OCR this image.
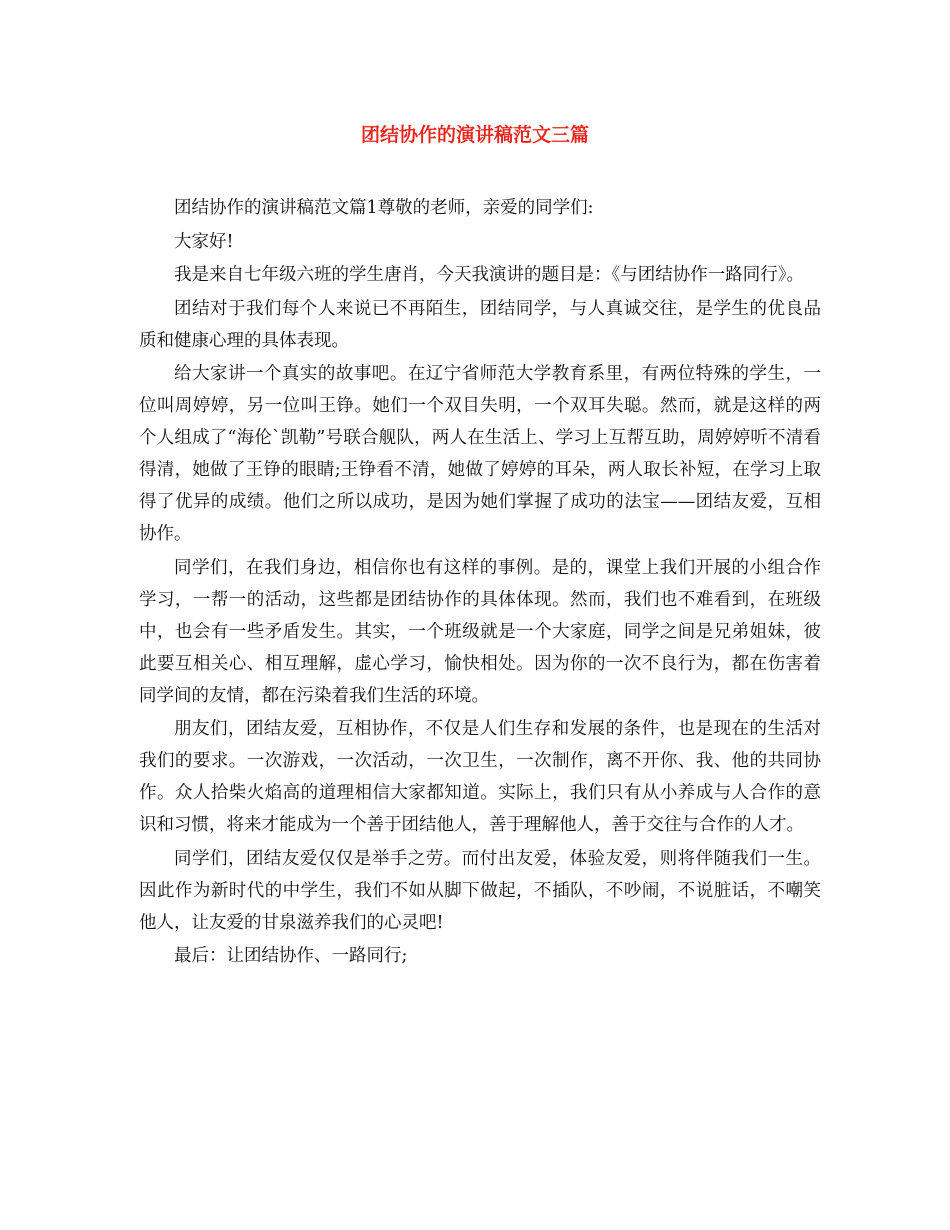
团结协作的演讲稿范文三篇

团结协作的演讲稿范文篇1尊敬的老师，亲爱的同学们:

大家好!

我是来自七年级六班的学生唐肖，今天我演讲的题目是：《与团结协作一路同行》。

团结对于我们每个人来说已不再陌生，团结同学，与人真诚交往，是学生的优良品质和健康心理的具体表现。

给大家讲一个真实的故事吧。在辽宁省师范大学教育系里，有两位特殊的学生，一位叫周婷婷，另一位叫王铮。她们一个双目失明，一个双耳失聪。然而，就是这样的两个人组成了“海伦`凯勒”号联合舰队，两人在生活上、学习上互帮互助，周婷婷听不清看得清，她做了王铮的眼睛;王铮看不清，她做了婷婷的耳朵，两人取长补短，在学习上取得了优异的成绩。他们之所以成功，是因为她们掌握了成功的法宝——团结友爱，互相协作。

同学们，在我们身边，相信你也有这样的事例。是的，课堂上我们开展的小组合作学习，一帮一的活动，这些都是团结协作的具体体现。然而，我们也不难看到，在班级中，也会有一些矛盾发生。其实，一个班级就是一个大家庭，同学之间是兄弟姐妹，彼此要互相关心、相互理解，虚心学习，愉快相处。因为你的一次不良行为，都在伤害着同学间的友情，都在污染着我们生活的环境。

朋友们，团结友爱，互相协作，不仅是人们生存和发展的条件，也是现在的生活对我们的要求。一次游戏，一次活动，一次卫生，一次制作，离不开你、我、他的共同协作。众人拾柴火焰高的道理相信大家都知道。实际上，我们只有从小养成与人合作的意识和习惯，将来才能成为一个善于团结他人，善于理解他人，善于交往与合作的人才。

同学们，团结友爱仅仅是举手之劳。而付出友爱，体验友爱，则将伴随我们一生。因此作为新时代的中学生，我们不如从脚下做起，不插队，不吵闹，不说脏话，不嘲笑他人，让友爱的甘泉滋养我们的心灵吧!

最后：让团结协作、一路同行;
